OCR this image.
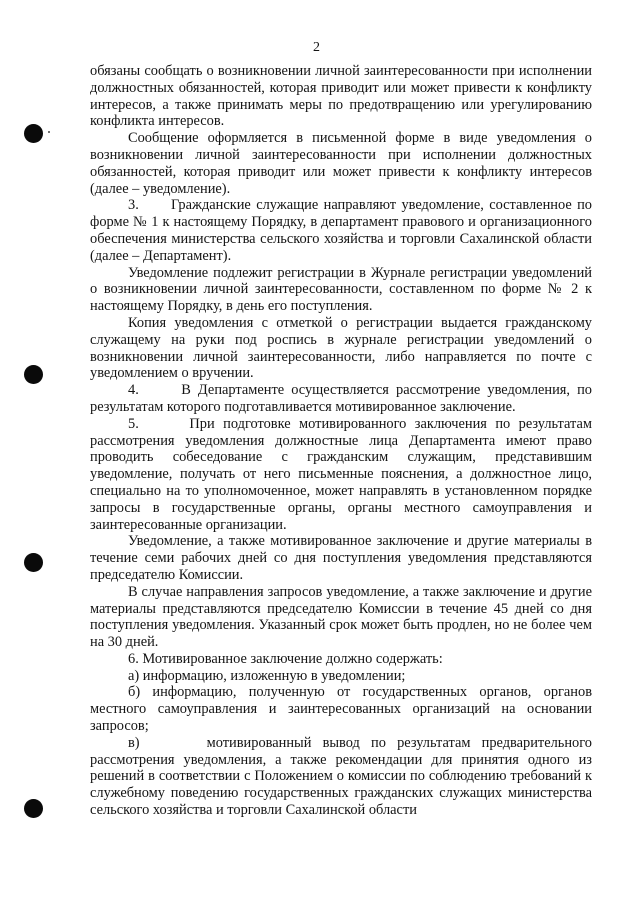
2

обязаны сообщать о возникновении личной заинтересованности при исполнении должностных обязанностей, которая приводит или может привести к конфликту интересов, а также принимать меры по предотвращению или урегулированию конфликта интересов.

Сообщение оформляется в письменной форме в виде уведомления о возникновении личной заинтересованности при исполнении должностных обязанностей, которая приводит или может привести к конфликту интересов (далее – уведомление).

3.      Гражданские служащие направляют уведомление, составленное по форме № 1 к настоящему Порядку, в департамент правового и организационного обеспечения министерства сельского хозяйства и торговли Сахалинской области (далее – Департамент).

Уведомление подлежит регистрации в Журнале регистрации уведомлений о возникновении личной заинтересованности, составленном по форме № 2 к настоящему Порядку, в день его поступления.

Копия уведомления с отметкой о регистрации выдается гражданскому служащему на руки под роспись в журнале регистрации уведомлений о возникновении личной заинтересованности, либо направляется по почте с уведомлением о вручении.

4.      В Департаменте осуществляется рассмотрение уведомления, по результатам которого подготавливается мотивированное заключение.

5.      При подготовке мотивированного заключения по результатам рассмотрения уведомления должностные лица Департамента имеют право проводить собеседование с гражданским служащим, представившим уведомление, получать от него письменные пояснения, а должностное лицо, специально на то уполномоченное, может направлять в установленном порядке запросы в государственные органы, органы местного самоуправления и заинтересованные организации.

Уведомление, а также мотивированное заключение и другие материалы в течение семи рабочих дней со дня поступления уведомления представляются председателю Комиссии.

В случае направления запросов уведомление, а также заключение и другие материалы представляются председателю Комиссии в течение 45 дней со дня поступления уведомления. Указанный срок может быть продлен, но не более чем на 30 дней.

6. Мотивированное заключение должно содержать:

а) информацию, изложенную в уведомлении;

б) информацию, полученную от государственных органов, органов местного самоуправления и заинтересованных организаций на основании запросов;

в)      мотивированный вывод по результатам предварительного рассмотрения уведомления, а также рекомендации для принятия одного из решений в соответствии с Положением о комиссии по соблюдению требований к служебному поведению государственных гражданских служащих министерства сельского хозяйства и торговли Сахалинской области
